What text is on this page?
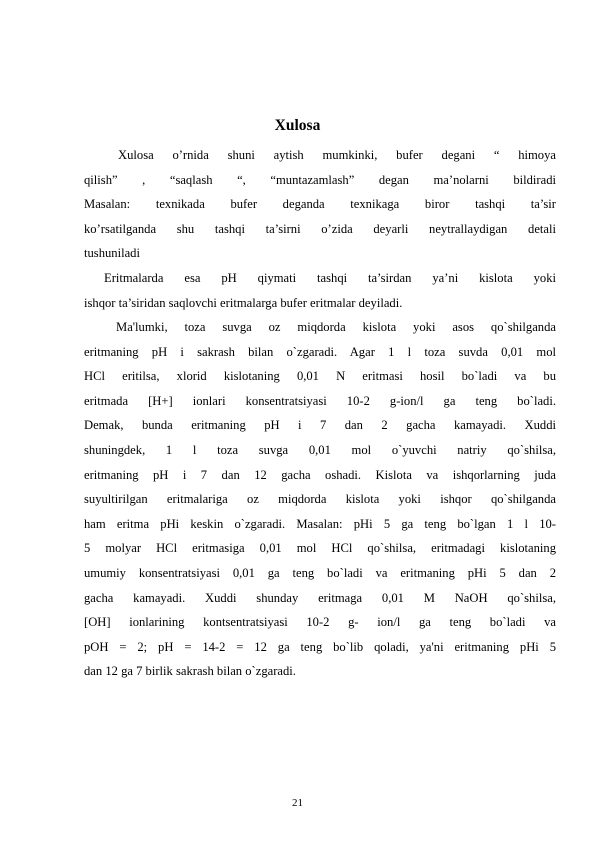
Xulosa
Xulosa o’rnida shuni aytish mumkinki, bufer degani “ himoya
qilish” , “saqlash “, “muntazamlash” degan ma’nolarni bildiradi
Masalan: texnikada bufer deganda texnikaga biror tashqi ta’sir
ko’rsatilganda shu tashqi ta’sirni o’zida deyarli neytrallaydigan detali
tushuniladi
Eritmalarda esa pH qiymati tashqi ta’sirdan ya’ni kislota yoki
ishqor ta’siridan saqlovchi eritmalarga bufer eritmalar deyiladi.
Ma'lumki, toza suvga oz miqdorda kislota yoki asos qo`shilganda
eritmaning pH i sakrash bilan o`zgaradi. Agar 1 l toza suvda 0,01 mol
HCl eritilsa, xlorid kislotaning 0,01 N eritmasi hosil bo`ladi va bu
eritmada [H+] ionlari konsentratsiyasi 10-2 g-ion/l ga teng bo`ladi.
Demak, bunda eritmaning pH i 7 dan 2 gacha kamayadi. Xuddi
shuningdek, 1 l toza suvga 0,01 mol o`yuvchi natriy qo`shilsa,
eritmaning pH i 7 dan 12 gacha oshadi. Kislota va ishqorlarning juda
suyultirilgan eritmalariga oz miqdorda kislota yoki ishqor qo`shilganda
ham eritma pHi keskin o`zgaradi. Masalan: pHi 5 ga teng bo`lgan 1 l 10-
5 molyar HCl eritmasiga 0,01 mol HCl qo`shilsa, eritmadagi kislotaning
umumiy konsentratsiyasi 0,01 ga teng bo`ladi va eritmaning pHi 5 dan 2
gacha kamayadi. Xuddi shunday eritmaga 0,01 M NaOH qo`shilsa,
[OH] ionlarining kontsentratsiyasi 10-2 g- ion/l ga teng bo`ladi va
pOH = 2; pH = 14-2 = 12 ga teng bo`lib qoladi, ya'ni eritmaning pHi 5
dan 12 ga 7 birlik sakrash bilan o`zgaradi.
21
